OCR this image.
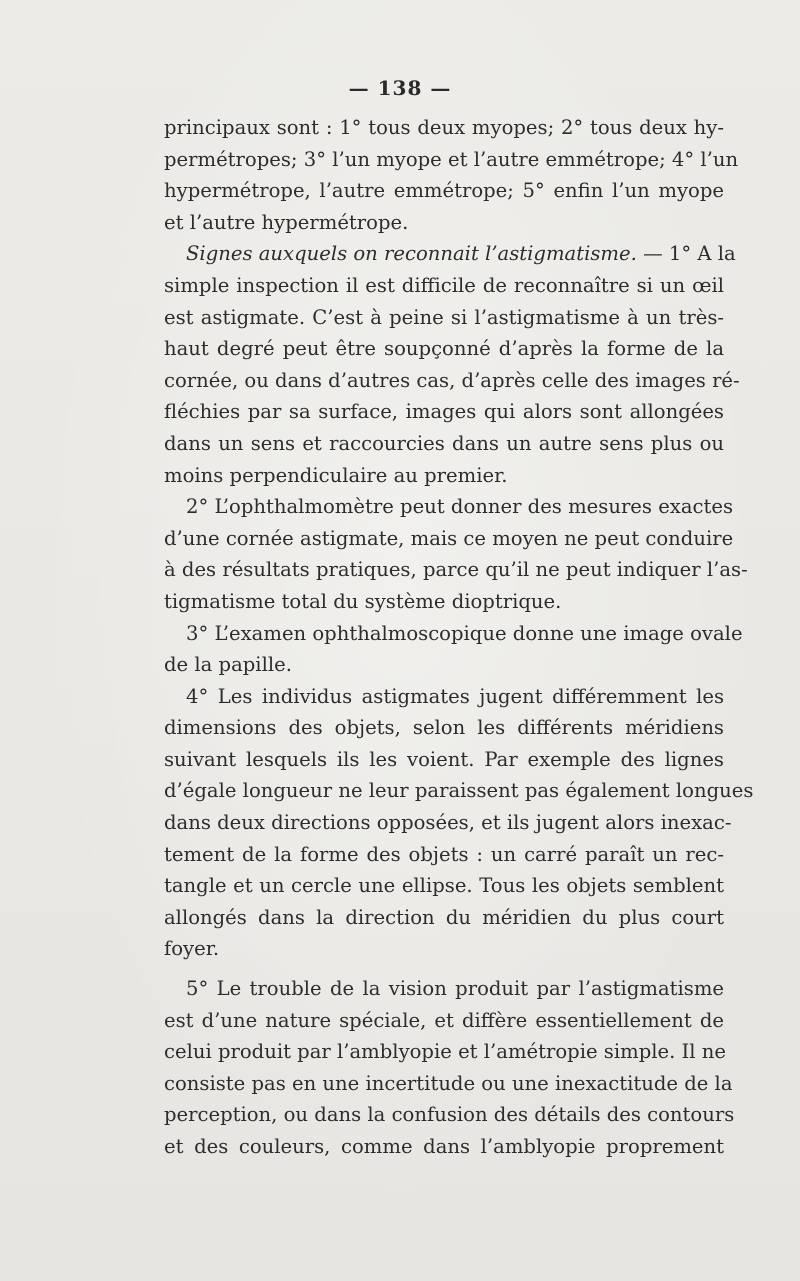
— 138 —
principaux sont : 1° tous deux myopes; 2° tous deux hy-
permétropes; 3° l’un myope et l’autre emmétrope; 4° l’un
hypermétrope, l’autre emmétrope; 5° enfin l’un myope
et l’autre hypermétrope.
Signes auxquels on reconnait l’astigmatisme. — 1° A la
simple inspection il est difficile de reconnaître si un œil
est astigmate. C’est à peine si l’astigmatisme à un très-
haut degré peut être soupçonné d’après la forme de la
cornée, ou dans d’autres cas, d’après celle des images ré-
fléchies par sa surface, images qui alors sont allongées
dans un sens et raccourcies dans un autre sens plus ou
moins perpendiculaire au premier.
2° L’ophthalmomètre peut donner des mesures exactes
d’une cornée astigmate, mais ce moyen ne peut conduire
à des résultats pratiques, parce qu’il ne peut indiquer l’as-
tigmatisme total du système dioptrique.
3° L’examen ophthalmoscopique donne une image ovale
de la papille.
4° Les individus astigmates jugent différemment les
dimensions des objets, selon les différents méridiens
suivant lesquels ils les voient. Par exemple des lignes
d’égale longueur ne leur paraissent pas également longues
dans deux directions opposées, et ils jugent alors inexac-
tement de la forme des objets : un carré paraît un rec-
tangle et un cercle une ellipse. Tous les objets semblent
allongés dans la direction du méridien du plus court
foyer.
5° Le trouble de la vision produit par l’astigmatisme
est d’une nature spéciale, et diffère essentiellement de
celui produit par l’amblyopie et l’amétropie simple. Il ne
consiste pas en une incertitude ou une inexactitude de la
perception, ou dans la confusion des détails des contours
et des couleurs, comme dans l’amblyopie proprement
